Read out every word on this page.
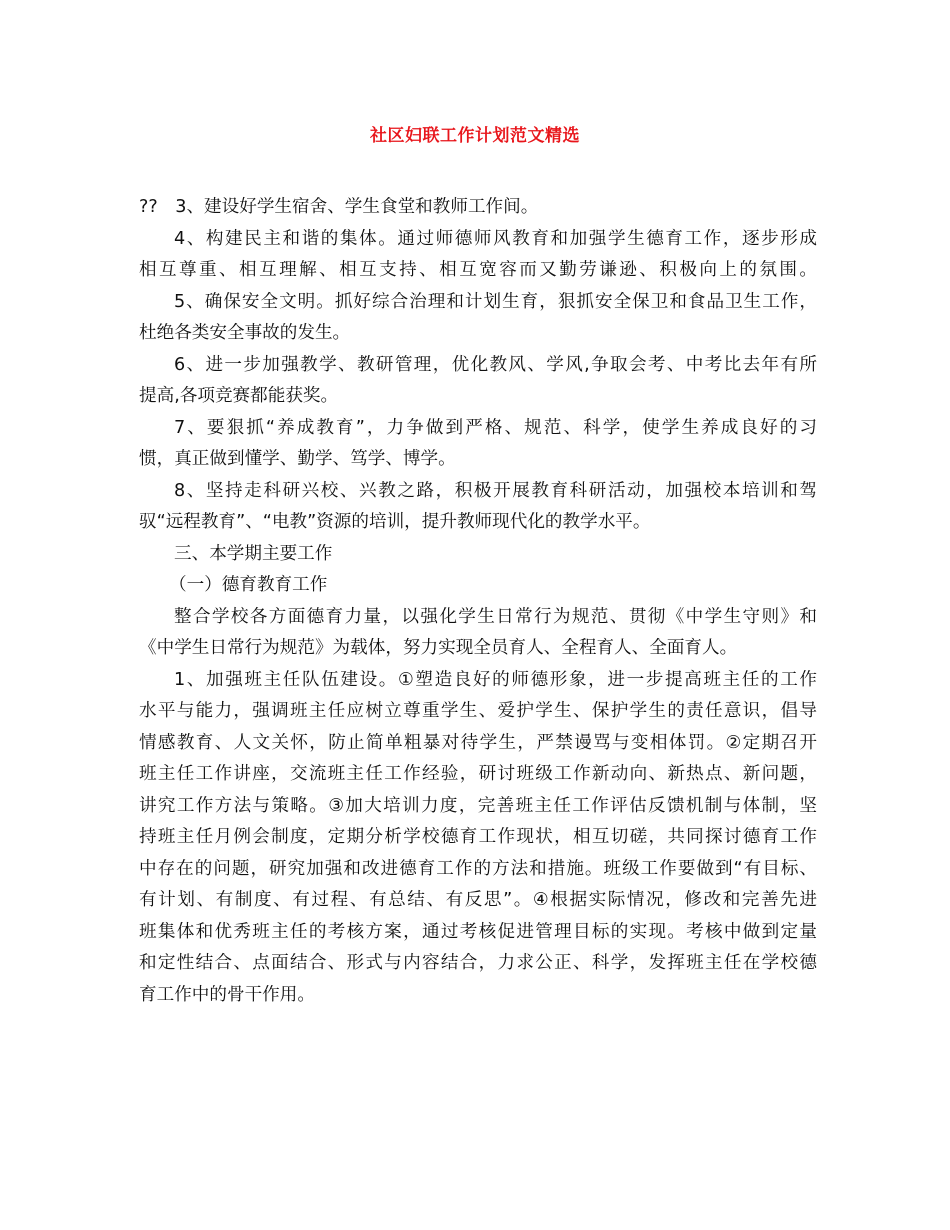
社区妇联工作计划范文精选
??　3、建设好学生宿舍、学生食堂和教师工作间。
4、构建民主和谐的集体。通过师德师风教育和加强学生德育工作，逐步形成
相互尊重、相互理解、相互支持、相互宽容而又勤劳谦逊、积极向上的氛围。
5、确保安全文明。抓好综合治理和计划生育，狠抓安全保卫和食品卫生工作，
杜绝各类安全事故的发生。
6、进一步加强教学、教研管理，优化教风、学风,争取会考、中考比去年有所
提高,各项竞赛都能获奖。
7、要狠抓“养成教育”，力争做到严格、规范、科学，使学生养成良好的习
惯，真正做到懂学、勤学、笃学、博学。
8、坚持走科研兴校、兴教之路，积极开展教育科研活动，加强校本培训和驾
驭“远程教育”、“电教”资源的培训，提升教师现代化的教学水平。
三、本学期主要工作
（一）德育教育工作
整合学校各方面德育力量，以强化学生日常行为规范、贯彻《中学生守则》和
《中学生日常行为规范》为载体，努力实现全员育人、全程育人、全面育人。
1、加强班主任队伍建设。①塑造良好的师德形象，进一步提高班主任的工作
水平与能力，强调班主任应树立尊重学生、爱护学生、保护学生的责任意识，倡导
情感教育、人文关怀，防止简单粗暴对待学生，严禁谩骂与变相体罚。②定期召开
班主任工作讲座，交流班主任工作经验，研讨班级工作新动向、新热点、新问题，
讲究工作方法与策略。③加大培训力度，完善班主任工作评估反馈机制与体制，坚
持班主任月例会制度，定期分析学校德育工作现状，相互切磋，共同探讨德育工作
中存在的问题，研究加强和改进德育工作的方法和措施。班级工作要做到“有目标、
有计划、有制度、有过程、有总结、有反思”。④根据实际情况，修改和完善先进
班集体和优秀班主任的考核方案，通过考核促进管理目标的实现。考核中做到定量
和定性结合、点面结合、形式与内容结合，力求公正、科学，发挥班主任在学校德
育工作中的骨干作用。
